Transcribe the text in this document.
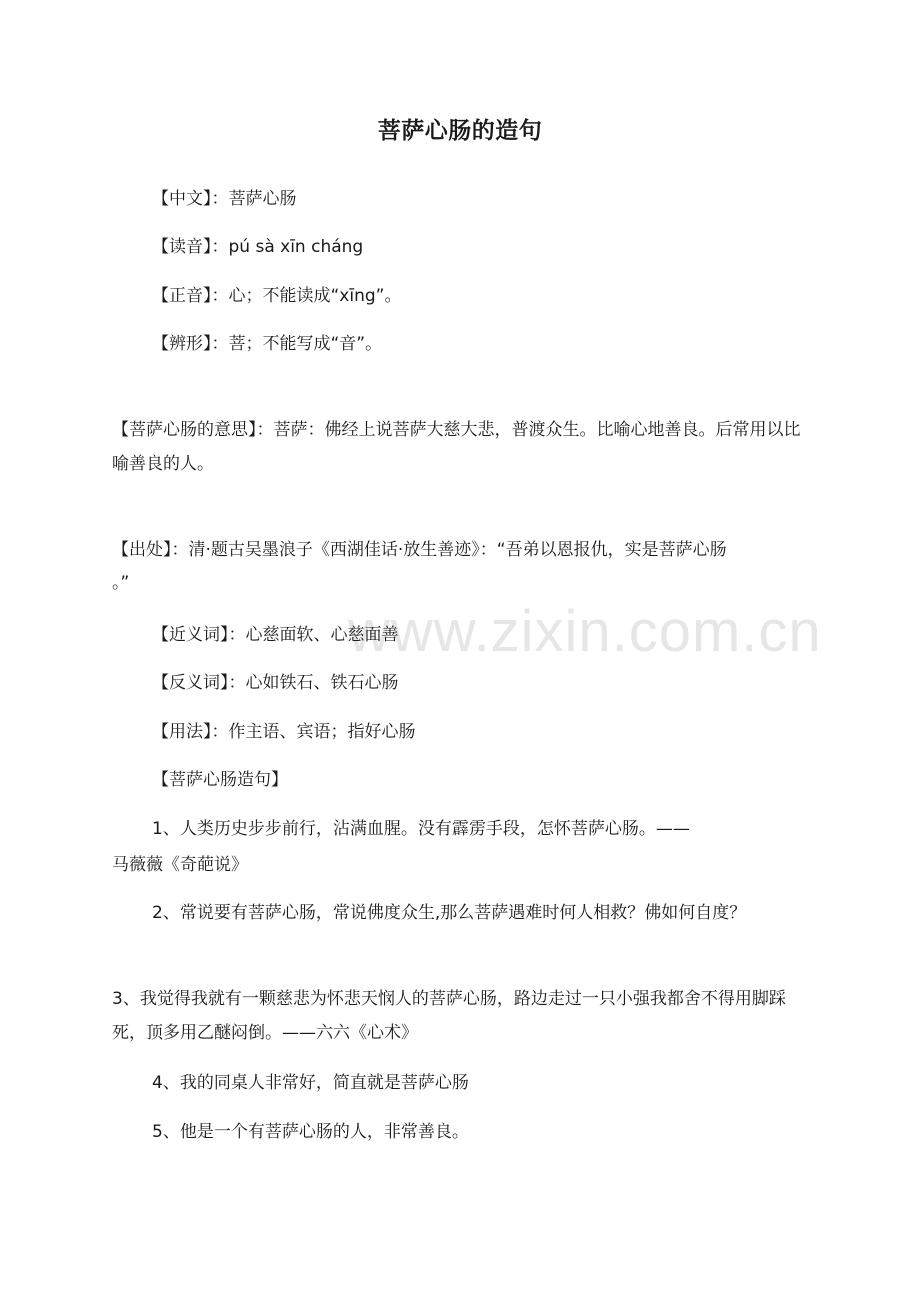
菩萨心肠的造句
【中文】：菩萨心肠
【读音】：pú sà xīn cháng
【正音】：心；不能读成“xīng”。
【辨形】：菩；不能写成“音”。
【菩萨心肠的意思】：菩萨：佛经上说菩萨大慈大悲，普渡众生。比喻心地善良。后常用以比喻善良的人。
【出处】：清·题古吴墨浪子《西湖佳话·放生善迹》：“吾弟以恩报仇，实是菩萨心肠
。”
www.zixin.com.cn
【近义词】：心慈面软、心慈面善
【反义词】：心如铁石、铁石心肠
【用法】：作主语、宾语；指好心肠
【菩萨心肠造句】
1、人类历史步步前行，沾满血腥。没有霹雳手段，怎怀菩萨心肠。——
马薇薇《奇葩说》
2、常说要有菩萨心肠，常说佛度众生,那么菩萨遇难时何人相救？佛如何自度？
3、我觉得我就有一颗慈悲为怀悲天悯人的菩萨心肠，路边走过一只小强我都舍不得用脚踩死，顶多用乙醚闷倒。——六六《心术》
4、我的同桌人非常好，简直就是菩萨心肠
5、他是一个有菩萨心肠的人，非常善良。
